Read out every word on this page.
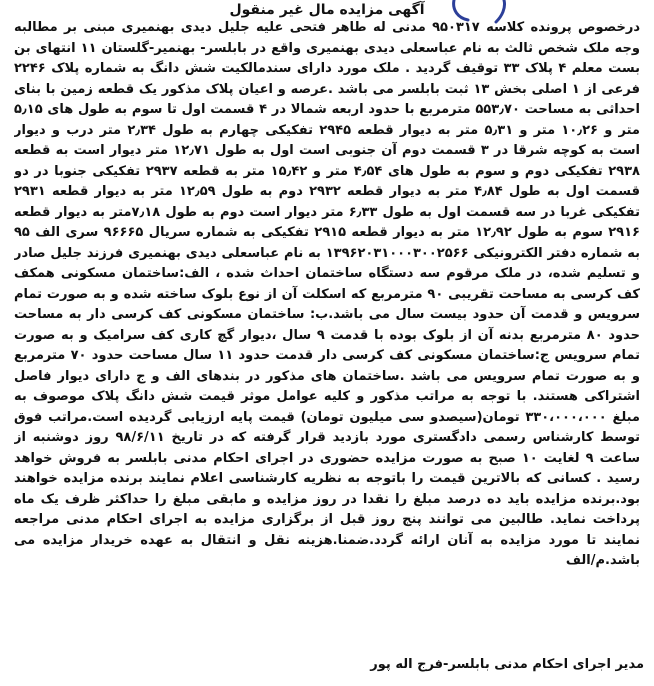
آگهی مزایده مال غیر منقول

درخصوص پرونده کلاسه ۹۵۰۳۱۷ مدنی له طاهر فتحی علیه جلیل دیدی بهنمیری مبنی بر مطالبه وجه ملک شخص ثالث به نام عباسعلی دیدی بهنمیری واقع در بابلسر- بهنمیر-گلستان ۱۱ انتهای بن بست معلم ۴ پلاک ۳۳ توقیف گردید . ملک مورد دارای سندمالکیت شش دانگ به شماره پلاک ۲۲۴۶ فرعی از ۱ اصلی بخش ۱۳ ثبت بابلسر می باشد .عرصه و اعیان پلاک مذکور یک قطعه زمین با بنای احداثی به مساحت ۵۵۳٫۷۰ مترمربع با حدود اربعه شمالا در ۴ قسمت اول تا سوم به طول های ۵٫۱۵ متر و ۱۰٫۲۶ متر و ۵٫۳۱ متر به دیوار قطعه ۲۹۴۵ تفکیکی چهارم به طول ۲٫۳۴ متر درب و دیوار است به کوچه شرقا در ۳ قسمت دوم آن جنوبی است اول به طول ۱۲٫۷۱ متر دیوار است به قطعه ۲۹۳۸ تفکیکی دوم و سوم به طول های ۴٫۵۴ متر و ۱۵٫۴۲ متر به قطعه ۲۹۳۷ تفکیکی جنوبا در دو قسمت اول به طول ۴٫۸۴ متر به دیوار قطعه ۲۹۳۲ دوم به طول ۱۲٫۵۹ متر به دیوار قطعه ۲۹۳۱ تفکیکی غربا در سه قسمت اول به طول ۶٫۳۳ متر دیوار است دوم به طول ۷٫۱۸متر به دیوار قطعه ۲۹۱۶ سوم به طول ۱۲٫۹۲ متر به دیوار قطعه ۲۹۱۵ تفکیکی به شماره سریال ۹۶۶۶۵ سری الف ۹۵ به شماره دفتر الکترونیکی ۱۳۹۶۲۰۳۱۰۰۰۳۰۰۲۵۶۶ به نام عباسعلی دیدی بهنمیری فرزند جلیل صادر و تسلیم شده، در ملک مرقوم سه دستگاه ساختمان احداث شده ، الف:ساختمان مسکونی همکف کف کرسی به مساحت تقریبی ۹۰ مترمربع که اسکلت آن از نوع بلوک ساخته شده و به صورت تمام سرویس و قدمت آن حدود بیست سال می باشد.ب: ساختمان مسکونی کف کرسی دار به مساحت حدود ۸۰ مترمربع بدنه آن از بلوک بوده با قدمت ۹ سال ،دیوار گچ کاری کف سرامیک و به صورت تمام سرویس ج:ساختمان مسکونی کف کرسی دار قدمت حدود ۱۱ سال مساحت حدود ۷۰ مترمربع و به صورت تمام سرویس می باشد .ساختمان های مذکور در بندهای الف و ج دارای دیوار فاصل اشتراکی هستند. با توجه به مراتب مذکور و کلیه عوامل موثر قیمت شش دانگ پلاک موصوف به مبلغ ۳۳۰،۰۰۰،۰۰۰ تومان(سیصدو سی میلیون تومان) قیمت پایه ارزیابی گردیده است.مراتب فوق توسط کارشناس رسمی دادگستری مورد بازدید قرار گرفته که در تاریخ ۹۸/۶/۱۱ روز دوشنبه از ساعت ۹ لغایت ۱۰ صبح به صورت مزایده حضوری در اجرای احکام مدنی بابلسر به فروش خواهد رسید . کسانی که بالاترین قیمت را باتوجه به نظریه کارشناسی اعلام نمایند برنده مزایده خواهند بود.برنده مزایده باید ده درصد مبلغ را نقدا در روز مزایده و مابقی مبلغ را حداکثر ظرف یک ماه پرداخت نماید. طالبین می توانند پنج روز قبل از برگزاری مزایده به اجرای احکام مدنی مراجعه نمایند تا مورد مزایده به آنان ارائه گردد.ضمنا.هزینه نقل و انتقال به عهده خریدار مزایده می باشد.م/الف

مدیر اجرای احکام مدنی بابلسر-فرج اله پور
